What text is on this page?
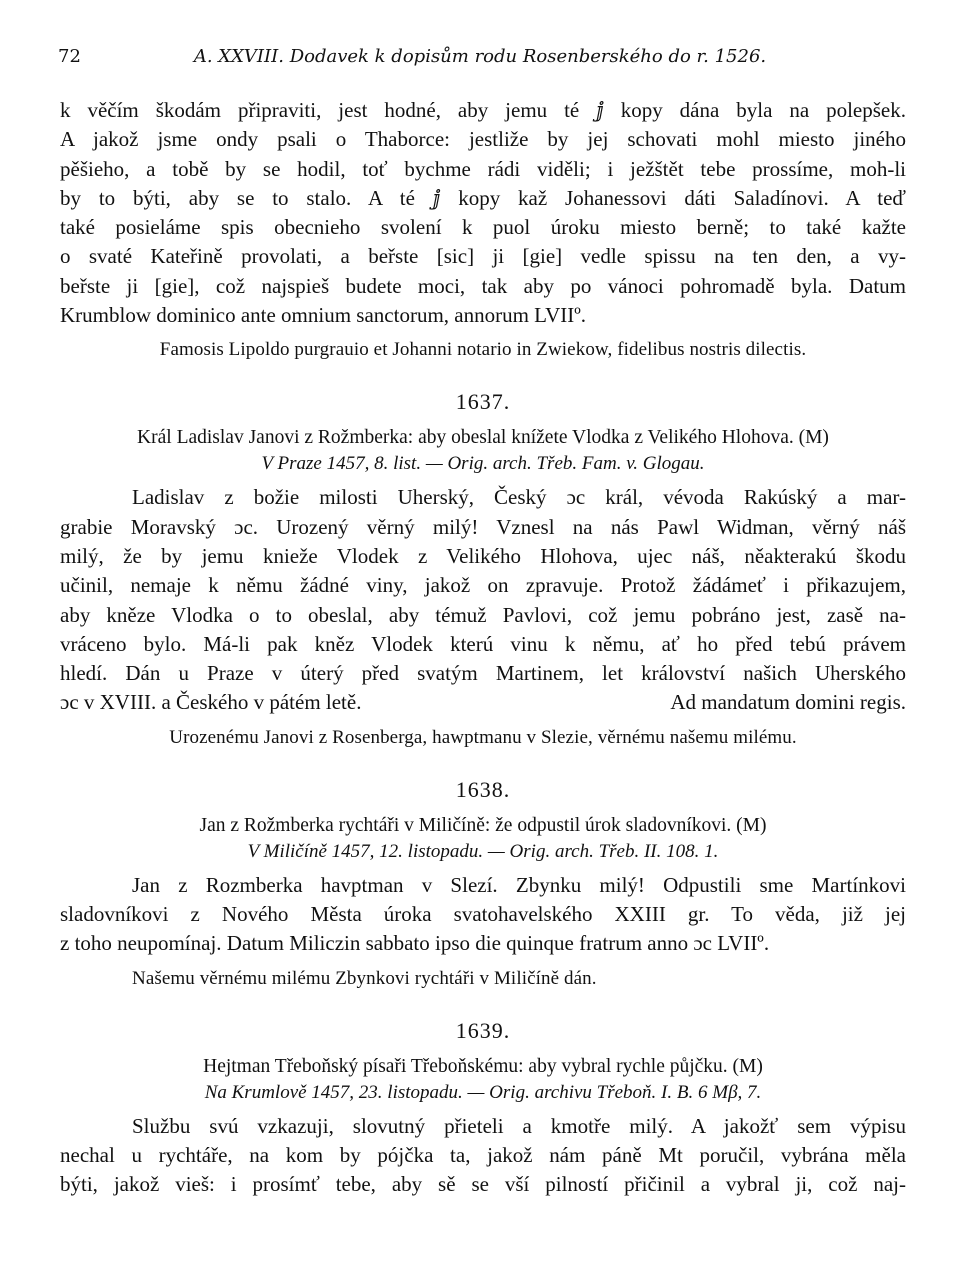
72	A. XXVIII. Dodavek k dopisům rodu Rosenberského do r. 1526.
k věčím škodám připraviti, jest hodné, aby jemu té ⅉ kopy dána byla na polepšek.
A jakož jsme ondy psali o Thaborce: jestliže by jej schovati mohl miesto jiného
pěšieho, a tobě by se hodil, toť bychme rádi viděli; i ježštět tebe prossíme, moh-li
by to býti, aby se to stalo. A té ⅉ kopy kaž Johanessovi dáti Saladínovi. A teď
také posieláme spis obecnieho svolení k puol úroku miesto berně; to také kažte
o svaté Kateřině provolati, a beřste [sic] ji [gie] vedle spissu na ten den, a vy-
beřste ji [gie], což najspieš budete moci, tak aby po vánoci pohromadě byla. Datum
Krumblow dominico ante omnium sanctorum, annorum LVIIº.
Famosis Lipoldo purgrauio et Johanni notario in Zwiekow, fidelibus nostris dilectis.
1637.
Král Ladislav Janovi z Rožmberka: aby obeslal knížete Vlodka z Velikého Hlohova. (M)
V Praze 1457, 8. list. — Orig. arch. Třeb. Fam. v. Glogau.
Ladislav z božie milosti Uherský, Český ɔc král, vévoda Rakúský a mar-
grabie Moravský ɔc. Urozený věrný milý! Vznesl na nás Pawl Widman, věrný náš
milý, že by jemu knieže Vlodek z Velikého Hlohova, ujec náš, něakterakú škodu
učinil, nemaje k němu žádné viny, jakož on zpravuje. Protož žádámeť i přikazujem,
aby kněze Vlodka o to obeslal, aby témuž Pavlovi, což jemu pobráno jest, zasě na-
vráceno bylo. Má-li pak kněz Vlodek kterú vinu k němu, ať ho před tebú právem
hledí. Dán u Praze v úterý před svatým Martinem, let království našich Uherského
ɔc v XVIII. a Českého v pátém letě.	Ad mandatum domini regis.
Urozenému Janovi z Rosenberga, hawptmanu v Slezie, věrnému našemu milému.
1638.
Jan z Rožmberka rychtáři v Miličíně: že odpustil úrok sladovníkovi. (M)
V Miličíně 1457, 12. listopadu. — Orig. arch. Třeb. II. 108. 1.
Jan z Rozmberka havptman v Slezí. Zbynku milý! Odpustili sme Martínkovi
sladovníkovi z Nového Města úroka svatohavelského XXIII gr. To věda, již jej
z toho neupomínaj. Datum Miliczin sabbato ipso die quinque fratrum anno ɔc LVIIº.
Našemu věrnému milému Zbynkovi rychtáři v Miličíně dán.
1639.
Hejtman Třeboňský písaři Třeboňskému: aby vybral rychle půjčku. (M)
Na Krumlově 1457, 23. listopadu. — Orig. archivu Třeboň. I. B. 6 Mβ, 7.
Službu svú vzkazuji, slovutný přieteli a kmotře milý. A jakožť sem výpisu
nechal u rychtáře, na kom by pójčka ta, jakož nám páně Mt poručil, vybrána měla
býti, jakož vieš: i prosímť tebe, aby sě se vší pilností přičinil a vybral ji, což naj-
